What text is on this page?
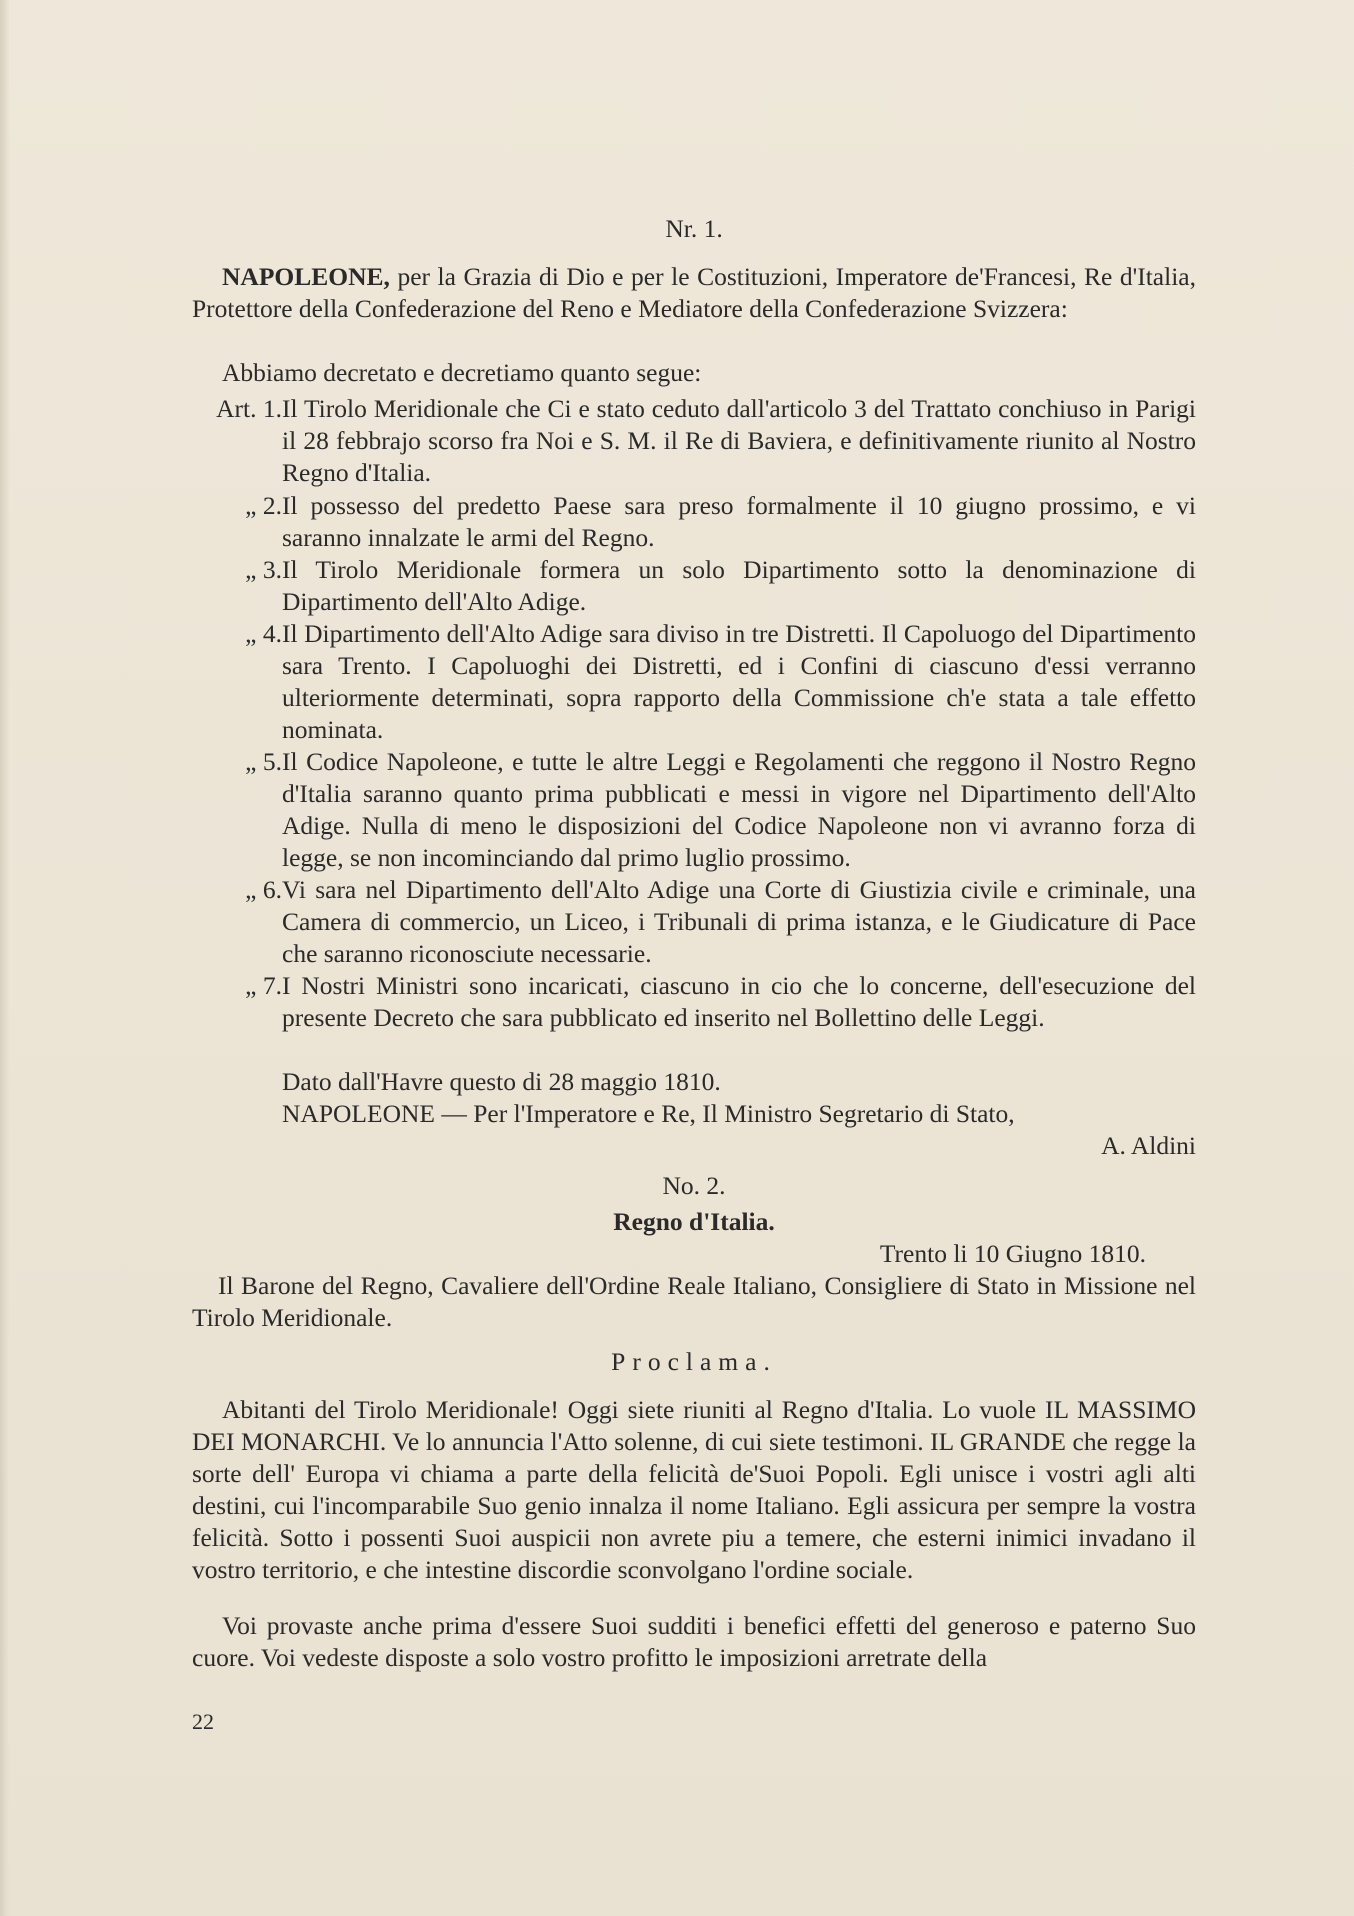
Nr. 1.
NAPOLEONE, per la Grazia di Dio e per le Costituzioni, Imperatore de'Francesi, Re d'Italia, Protettore della Confederazione del Reno e Mediatore della Confederazione Svizzera:
Abbiamo decretato e decretiamo quanto segue:
Art. 1. Il Tirolo Meridionale che Ci e stato ceduto dall'articolo 3 del Trattato conchiuso in Parigi il 28 febbrajo scorso fra Noi e S. M. il Re di Baviera, e definitivamente riunito al Nostro Regno d'Italia.
„ 2. Il possesso del predetto Paese sara preso formalmente il 10 giugno prossimo, e vi saranno innalzate le armi del Regno.
„ 3. Il Tirolo Meridionale formera un solo Dipartimento sotto la denominazione di Dipartimento dell'Alto Adige.
„ 4. Il Dipartimento dell'Alto Adige sara diviso in tre Distretti. Il Capoluogo del Dipartimento sara Trento. I Capoluoghi dei Distretti, ed i Confini di ciascuno d'essi verranno ulteriormente determinati, sopra rapporto della Commissione ch'e stata a tale effetto nominata.
„ 5. Il Codice Napoleone, e tutte le altre Leggi e Regolamenti che reggono il Nostro Regno d'Italia saranno quanto prima pubblicati e messi in vigore nel Dipartimento dell'Alto Adige. Nulla di meno le disposizioni del Codice Napoleone non vi avranno forza di legge, se non incominciando dal primo luglio prossimo.
„ 6. Vi sara nel Dipartimento dell'Alto Adige una Corte di Giustizia civile e criminale, una Camera di commercio, un Liceo, i Tribunali di prima istanza, e le Giudicature di Pace che saranno riconosciute necessarie.
„ 7. I Nostri Ministri sono incaricati, ciascuno in cio che lo concerne, dell'esecuzione del presente Decreto che sara pubblicato ed inserito nel Bollettino delle Leggi.
Dato dall'Havre questo di 28 maggio 1810.
NAPOLEONE — Per l'Imperatore e Re, Il Ministro Segretario di Stato,
A. Aldini
No. 2.
Regno d'Italia.
Trento li 10 Giugno 1810.
Il Barone del Regno, Cavaliere dell'Ordine Reale Italiano, Consigliere di Stato in Missione nel Tirolo Meridionale.
Proclama.
Abitanti del Tirolo Meridionale! Oggi siete riuniti al Regno d'Italia. Lo vuole IL MASSIMO DEI MONARCHI. Ve lo annuncia l'Atto solenne, di cui siete testimoni. IL GRANDE che regge la sorte dell' Europa vi chiama a parte della felicità de'Suoi Popoli. Egli unisce i vostri agli alti destini, cui l'incomparabile Suo genio innalza il nome Italiano. Egli assicura per sempre la vostra felicità. Sotto i possenti Suoi auspicii non avrete piu a temere, che esterni inimici invadano il vostro territorio, e che intestine discordie sconvolgano l'ordine sociale.
Voi provaste anche prima d'essere Suoi sudditi i benefici effetti del generoso e paterno Suo cuore. Voi vedeste disposte a solo vostro profitto le imposizioni arretrate della
22
